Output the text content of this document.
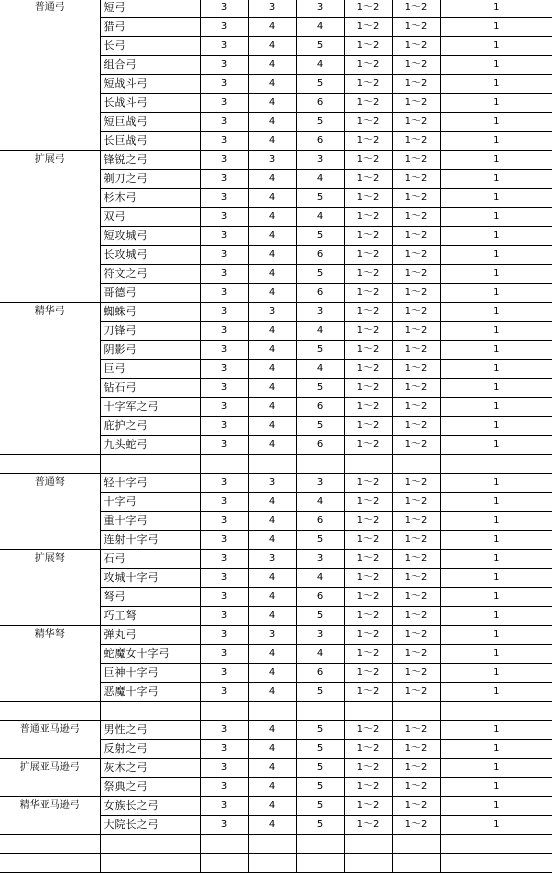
普通弓	短弓	3	3	3	1～2	1～2	1
	猎弓	3	4	4	1～2	1～2	1
	长弓	3	4	5	1～2	1～2	1
	组合弓	3	4	4	1～2	1～2	1
	短战斗弓	3	4	5	1～2	1～2	1
	长战斗弓	3	4	6	1～2	1～2	1
	短巨战弓	3	4	5	1～2	1～2	1
	长巨战弓	3	4	6	1～2	1～2	1
扩展弓	锋锐之弓	3	3	3	1～2	1～2	1
	剃刀之弓	3	4	4	1～2	1～2	1
	杉木弓	3	4	5	1～2	1～2	1
	双弓	3	4	4	1～2	1～2	1
	短攻城弓	3	4	5	1～2	1～2	1
	长攻城弓	3	4	6	1～2	1～2	1
	符文之弓	3	4	5	1～2	1～2	1
	哥德弓	3	4	6	1～2	1～2	1
精华弓	蜘蛛弓	3	3	3	1～2	1～2	1
	刀锋弓	3	4	4	1～2	1～2	1
	阴影弓	3	4	5	1～2	1～2	1
	巨弓	3	4	4	1～2	1～2	1
	钻石弓	3	4	5	1～2	1～2	1
	十字军之弓	3	4	6	1～2	1～2	1
	庇护之弓	3	4	5	1～2	1～2	1
	九头蛇弓	3	4	6	1～2	1～2	1

普通弩	轻十字弓	3	3	3	1～2	1～2	1
	十字弓	3	4	4	1～2	1～2	1
	重十字弓	3	4	6	1～2	1～2	1
	连射十字弓	3	4	5	1～2	1～2	1
扩展弩	石弓	3	3	3	1～2	1～2	1
	攻城十字弓	3	4	4	1～2	1～2	1
	弩弓	3	4	6	1～2	1～2	1
	巧工弩	3	4	5	1～2	1～2	1
精华弩	弹丸弓	3	3	3	1～2	1～2	1
	蛇魔女十字弓	3	4	4	1～2	1～2	1
	巨神十字弓	3	4	6	1～2	1～2	1
	恶魔十字弓	3	4	5	1～2	1～2	1

普通亚马逊弓	男性之弓	3	4	5	1～2	1～2	1
	反射之弓	3	4	5	1～2	1～2	1
扩展亚马逊弓	灰木之弓	3	4	5	1～2	1～2	1
	祭典之弓	3	4	5	1～2	1～2	1
精华亚马逊弓	女族长之弓	3	4	5	1～2	1～2	1
	大院长之弓	3	4	5	1～2	1～2	1
